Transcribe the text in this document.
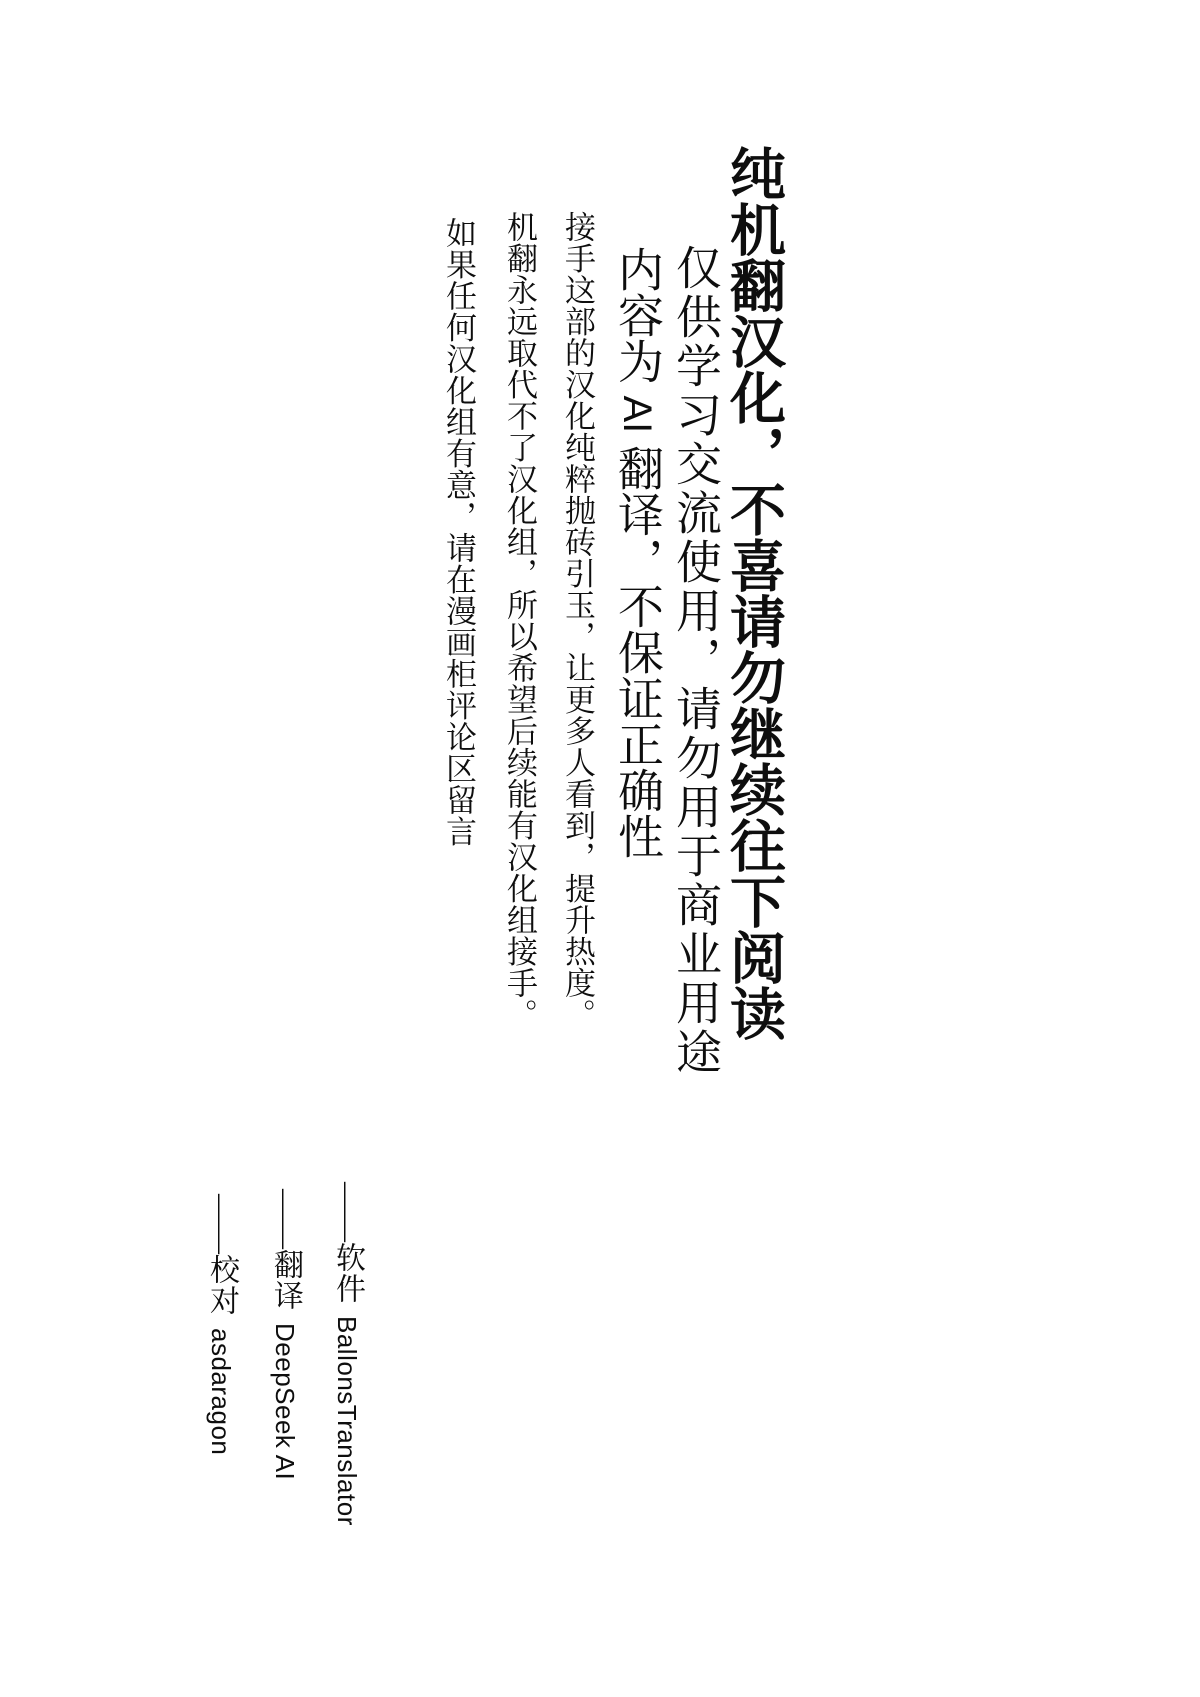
纯机翻汉化，不喜请勿继续往下阅读
仅供学习交流使用，请勿用于商业用途
内容为 AI 翻译，不保证正确性
接手这部的汉化纯粹抛砖引玉，让更多人看到，提升热度。
机翻永远取代不了汉化组，所以希望后续能有汉化组接手。
如果任何汉化组有意，请在漫画柜评论区留言
——软件BallonsTranslator
——翻译DeepSeek AI
——校对asdaragon
